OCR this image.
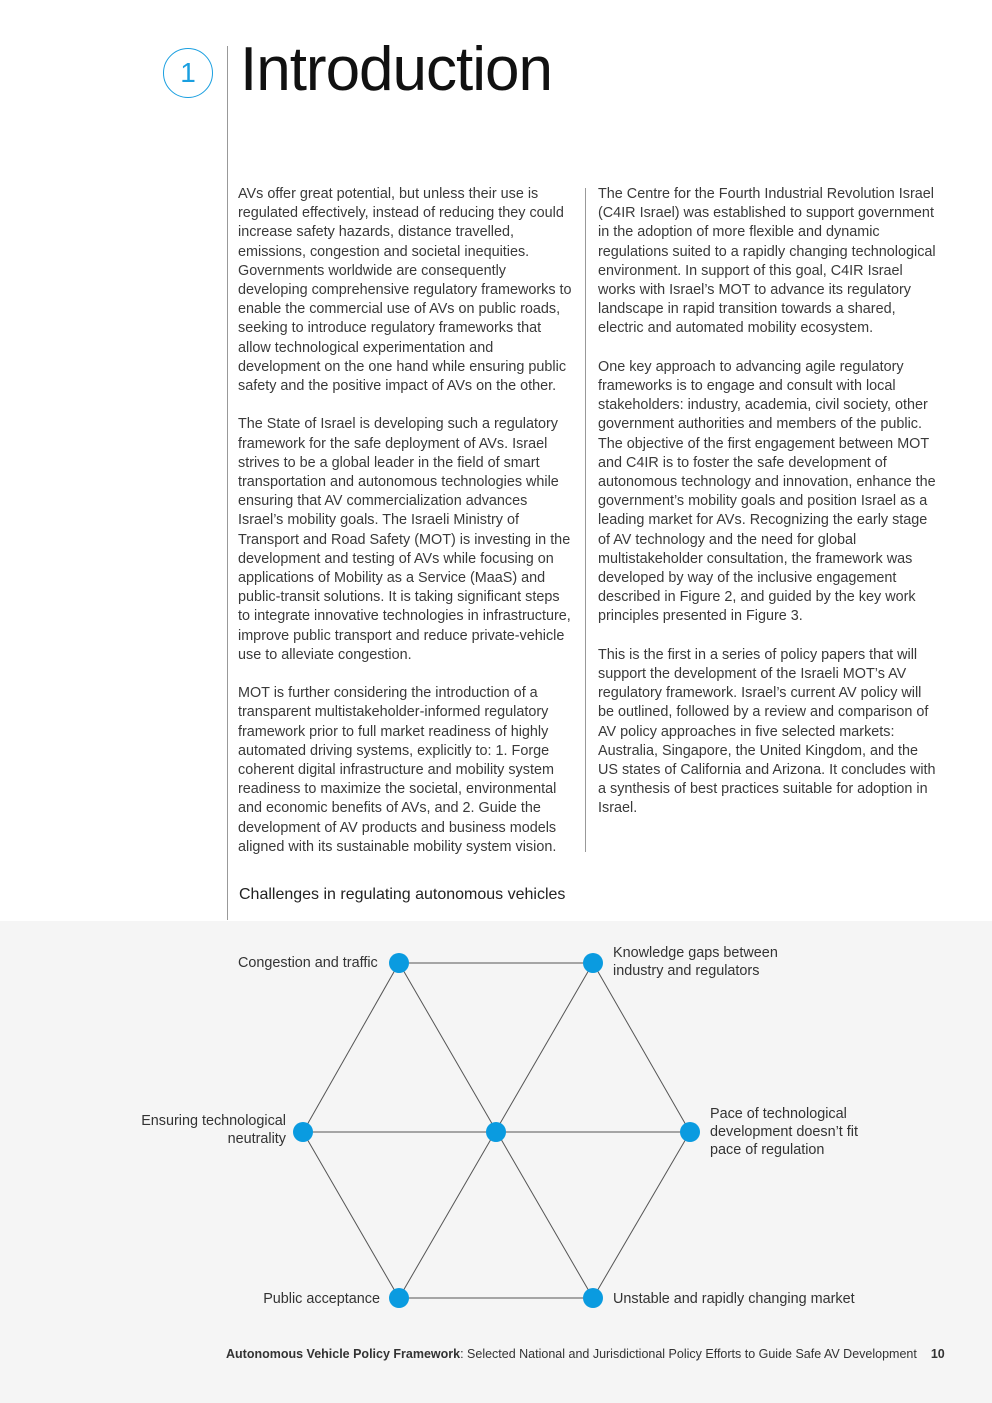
1 Introduction

AVs offer great potential, but unless their use is regulated effectively, instead of reducing they could increase safety hazards, distance travelled, emissions, congestion and societal inequities. Governments worldwide are consequently developing comprehensive regulatory frameworks to enable the commercial use of AVs on public roads, seeking to introduce regulatory frameworks that allow technological experimentation and development on the one hand while ensuring public safety and the positive impact of AVs on the other.

The State of Israel is developing such a regulatory framework for the safe deployment of AVs. Israel strives to be a global leader in the field of smart transportation and autonomous technologies while ensuring that AV commercialization advances Israel’s mobility goals. The Israeli Ministry of Transport and Road Safety (MOT) is investing in the development and testing of AVs while focusing on applications of Mobility as a Service (MaaS) and public-transit solutions. It is taking significant steps to integrate innovative technologies in infrastructure, improve public transport and reduce private-vehicle use to alleviate congestion.

MOT is further considering the introduction of a transparent multistakeholder-informed regulatory framework prior to full market readiness of highly automated driving systems, explicitly to: 1. Forge coherent digital infrastructure and mobility system readiness to maximize the societal, environmental and economic benefits of AVs, and 2. Guide the development of AV products and business models aligned with its sustainable mobility system vision.

The Centre for the Fourth Industrial Revolution Israel (C4IR Israel) was established to support government in the adoption of more flexible and dynamic regulations suited to a rapidly changing technological environment. In support of this goal, C4IR Israel works with Israel’s MOT to advance its regulatory landscape in rapid transition towards a shared, electric and automated mobility ecosystem.

One key approach to advancing agile regulatory frameworks is to engage and consult with local stakeholders: industry, academia, civil society, other government authorities and members of the public. The objective of the first engagement between MOT and C4IR is to foster the safe development of autonomous technology and innovation, enhance the government’s mobility goals and position Israel as a leading market for AVs. Recognizing the early stage of AV technology and the need for global multistakeholder consultation, the framework was developed by way of the inclusive engagement described in Figure 2, and guided by the key work principles presented in Figure 3.

This is the first in a series of policy papers that will support the development of the Israeli MOT’s AV regulatory framework. Israel’s current AV policy will be outlined, followed by a review and comparison of AV policy approaches in five selected markets: Australia, Singapore, the United Kingdom, and the US states of California and Arizona. It concludes with a synthesis of best practices suitable for adoption in Israel.

Challenges in regulating autonomous vehicles
Congestion and traffic
Knowledge gaps between
industry and regulators
Ensuring technological
neutrality
Pace of technological
development doesn’t fit
pace of regulation
Public acceptance	Unstable and rapidly changing market
Autonomous Vehicle Policy Framework: Selected National and Jurisdictional Policy Efforts to Guide Safe AV Development 10
